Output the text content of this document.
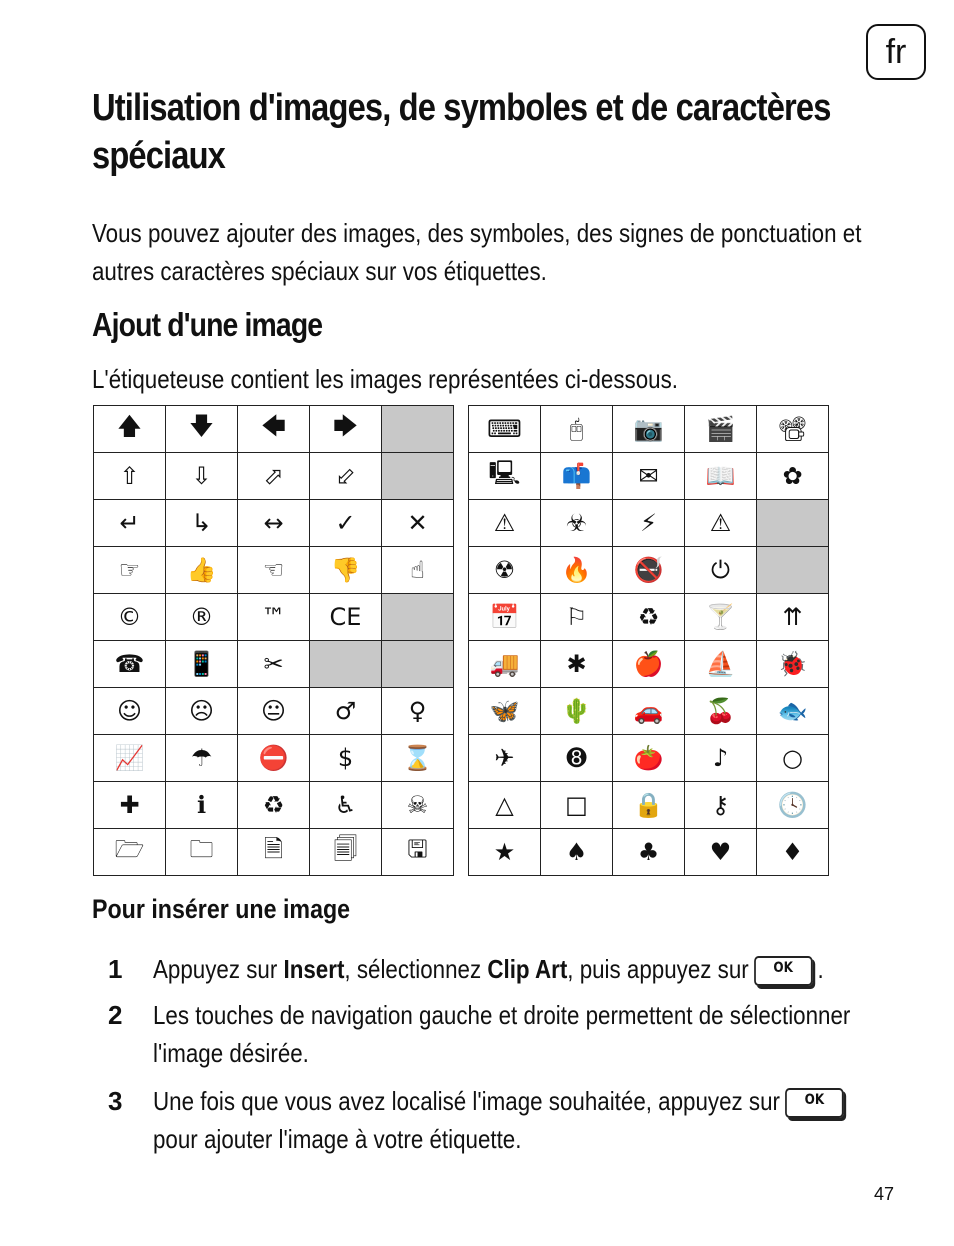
fr
Utilisation d'images, de symboles et de caractères spéciaux

Vous pouvez ajouter des images, des symboles, des signes de ponctuation et autres caractères spéciaux sur vos étiquettes.

Ajout d'une image

L'étiqueteuse contient les images représentées ci-dessous.

🡅	🡇	🡄	🡆	
⇧	⇩	⬀	⬃	
↵	↳	↔	✓	✕
☞	👍	☜	👎	☝
©	®	™	CE	
☎	📱	✂		
☺	☹	😐	♂	♀
📈	☂	⛔	$	⌛
✚	ℹ	♻	♿	☠
🗁	🗀	🗎	🗐	🖫
⌨	🖰	📷	🎬	📽
🖳	📫	✉	📖	✿
⚠	☣	⚡	⚠	
☢	🔥	🚭	⏻	
📅	⚐	♻	🍸	⇈
🚚	✱	🍎	⛵	🐞
🦋	🌵	🚗	🍒	🐟
✈	➑	🍅	♪	○
△	□	🔒	⚷	🕓
★	♠	♣	♥	♦
Pour insérer une image
1 Appuyez sur Insert, sélectionnez Clip Art, puis appuyez sur OK .
2 Les touches de navigation gauche et droite permettent de sélectionner l'image désirée.
3 Une fois que vous avez localisé l'image souhaitée, appuyez sur OK
pour ajouter l'image à votre étiquette.
47
